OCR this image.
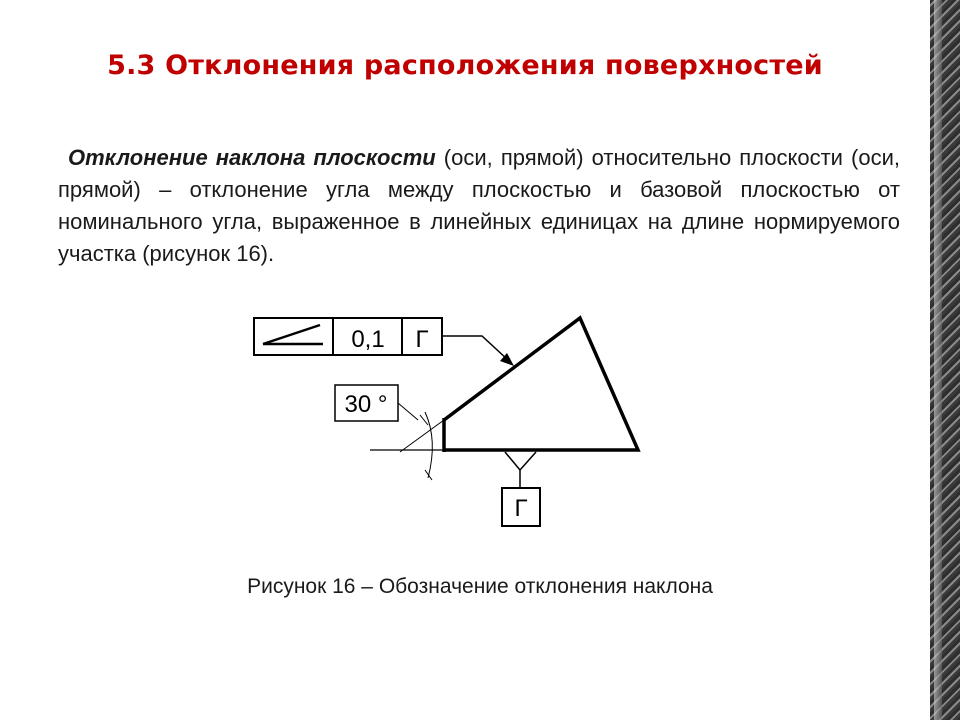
5.3 Отклонения расположения поверхностей
Отклонение наклона плоскости (оси, прямой) относительно плоскости (оси, прямой) – отклонение угла между плоскостью и базовой плоскостью от номинального угла, выраженное в линейных единицах на длине нормируемого участка (рисунок 16).
0,1 Г
30 °
Г
Рисунок 16 – Обозначение отклонения наклона
